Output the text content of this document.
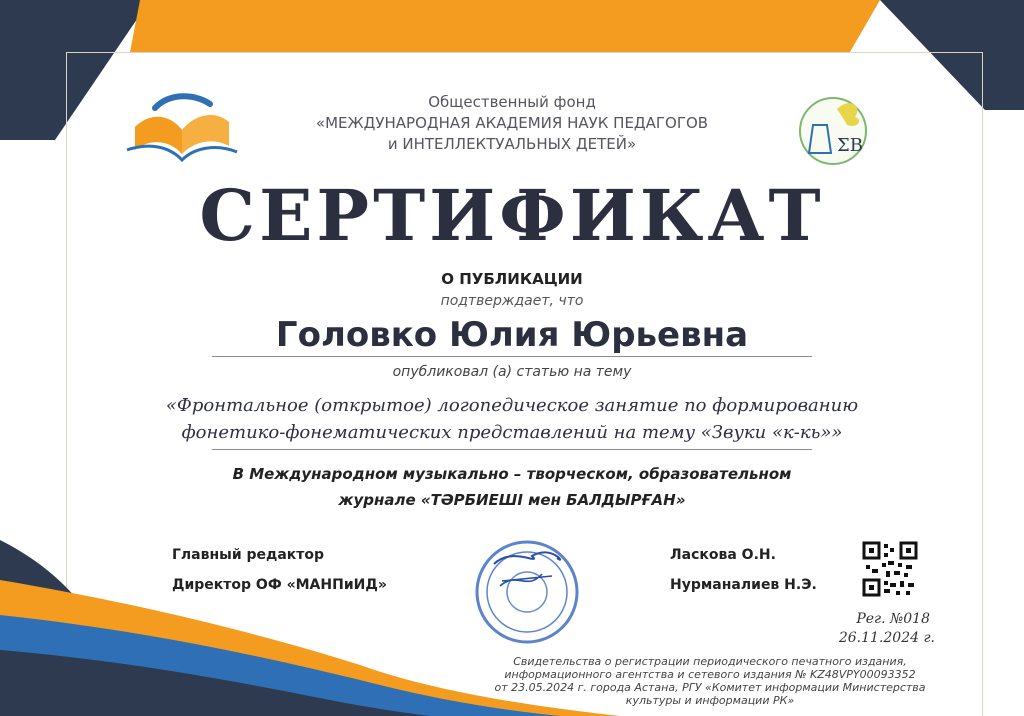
ΣB
Общественный фонд
«МЕЖДУНАРОДНАЯ АКАДЕМИЯ НАУК ПЕДАГОГОВ
и ИНТЕЛЛЕКТУАЛЬНЫХ ДЕТЕЙ»
СЕРТИФИКАТ
О ПУБЛИКАЦИИ
подтверждает, что
Головко Юлия Юрьевна
опубликовал (а) статью на тему
«Фронтальное (открытое) логопедическое занятие по формированию
фонетико-фонематических представлений на тему «Звуки «к-кь»»
В Международном музыкально – творческом, образовательном
журнале «ТӘРБИЕШІ мен БАЛДЫРҒАН»
Главный редактор
Директор ОФ «МАНПиИД»
Ласкова О.Н.
Нурманалиев Н.Э.
Рег. №018
26.11.2024 г.
Свидетельства о регистрации периодического печатного издания,
информационного агентства и сетевого издания № KZ48VPY00093352
от 23.05.2024 г. города Астана, РГУ «Комитет информации Министерства
культуры и информации РК»
